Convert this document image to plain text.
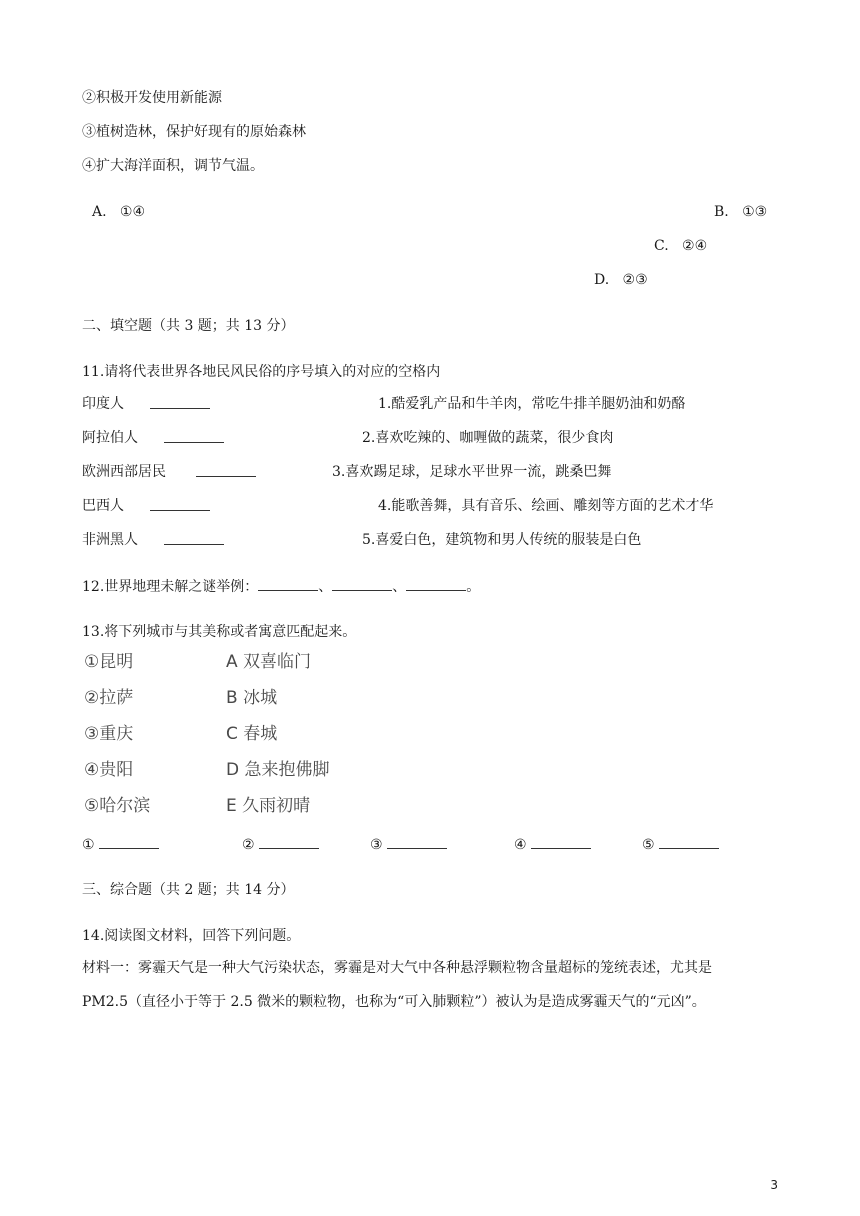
②积极开发使用新能源
③植树造林，保护好现有的原始森林
④扩大海洋面积，调节气温。
A. ①④	B. ①③
C. ②④
D. ②③
二、填空题（共 3 题；共 13 分）
11.请将代表世界各地民风民俗的序号填入的对应的空格内
印度人	1.酷爱乳产品和牛羊肉，常吃牛排羊腿奶油和奶酪
阿拉伯人	2.喜欢吃辣的、咖喱做的蔬菜，很少食肉
欧洲西部居民	3.喜欢踢足球，足球水平世界一流，跳桑巴舞
巴西人	4.能歌善舞，具有音乐、绘画、雕刻等方面的艺术才华
非洲黑人	5.喜爱白色，建筑物和男人传统的服装是白色
12.世界地理未解之谜举例：	、	、	。
13.将下列城市与其美称或者寓意匹配起来。
①昆明	A 双喜临门
②拉萨	B 冰城
③重庆	C 春城
④贵阳	D 急来抱佛脚
⑤哈尔滨	E 久雨初晴
①	②	③	④	⑤
三、综合题（共 2 题；共 14 分）
14.阅读图文材料，回答下列问题。
材料一：雾霾天气是一种大气污染状态，雾霾是对大气中各种悬浮颗粒物含量超标的笼统表述，尤其是
PM2.5（直径小于等于 2.5 微米的颗粒物，也称为“可入肺颗粒”）被认为是造成雾霾天气的“元凶”。
3
